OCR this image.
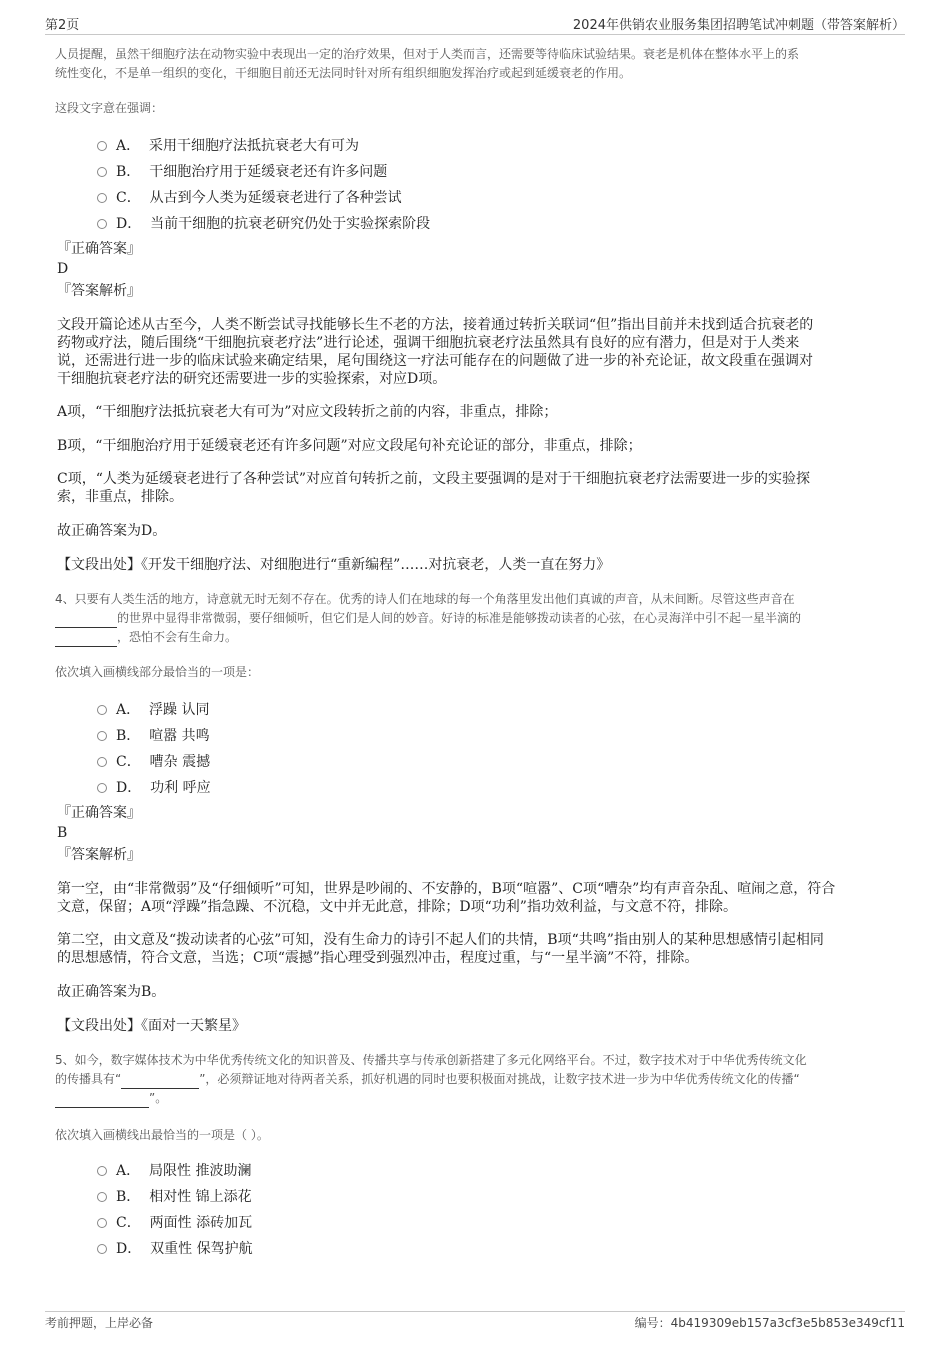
第2页	2024年供销农业服务集团招聘笔试冲刺题（带答案解析）
人员提醒，虽然干细胞疗法在动物实验中表现出一定的治疗效果，但对于人类而言，还需要等待临床试验结果。衰老是机体在整体水平上的系
统性变化，不是单一组织的变化，干细胞目前还无法同时针对所有组织细胞发挥治疗或起到延缓衰老的作用。
这段文字意在强调：
A． 采用干细胞疗法抵抗衰老大有可为
B． 干细胞治疗用于延缓衰老还有许多问题
C． 从古到今人类为延缓衰老进行了各种尝试
D． 当前干细胞的抗衰老研究仍处于实验探索阶段
『正确答案』
D
『答案解析』
文段开篇论述从古至今，人类不断尝试寻找能够长生不老的方法，接着通过转折关联词“但”指出目前并未找到适合抗衰老的
药物或疗法，随后围绕“干细胞抗衰老疗法”进行论述，强调干细胞抗衰老疗法虽然具有良好的应有潜力，但是对于人类来
说，还需进行进一步的临床试验来确定结果，尾句围绕这一疗法可能存在的问题做了进一步的补充论证，故文段重在强调对
干细胞抗衰老疗法的研究还需要进一步的实验探索，对应D项。
A项，“干细胞疗法抵抗衰老大有可为”对应文段转折之前的内容，非重点，排除；
B项，“干细胞治疗用于延缓衰老还有许多问题”对应文段尾句补充论证的部分，非重点，排除；
C项，“人类为延缓衰老进行了各种尝试”对应首句转折之前，文段主要强调的是对于干细胞抗衰老疗法需要进一步的实验探
索，非重点，排除。
故正确答案为D。
【文段出处】《开发干细胞疗法、对细胞进行“重新编程”……对抗衰老，人类一直在努力》
4、只要有人类生活的地方，诗意就无时无刻不存在。优秀的诗人们在地球的每一个角落里发出他们真诚的声音，从未间断。尽管这些声音在
的世界中显得非常微弱，要仔细倾听，但它们是人间的妙音。好诗的标准是能够拨动读者的心弦，在心灵海洋中引不起一星半滴的
，恐怕不会有生命力。
依次填入画横线部分最恰当的一项是：
A． 浮躁 认同
B． 喧嚣 共鸣
C． 嘈杂 震撼
D． 功利 呼应
『正确答案』
B
『答案解析』
第一空，由“非常微弱”及“仔细倾听”可知，世界是吵闹的、不安静的，B项“喧嚣”、C项“嘈杂”均有声音杂乱、喧闹之意，符合
文意，保留；A项“浮躁”指急躁、不沉稳，文中并无此意，排除；D项“功利”指功效利益，与文意不符，排除。
第二空，由文意及“拨动读者的心弦”可知，没有生命力的诗引不起人们的共情，B项“共鸣”指由别人的某种思想感情引起相同
的思想感情，符合文意，当选；C项“震撼”指心理受到强烈冲击，程度过重，与“一星半滴”不符，排除。
故正确答案为B。
【文段出处】《面对一天繁星》
5、如今，数字媒体技术为中华优秀传统文化的知识普及、传播共享与传承创新搭建了多元化网络平台。不过，数字技术对于中华优秀传统文化
的传播具有“	”，必须辩证地对待两者关系，抓好机遇的同时也要积极面对挑战，让数字技术进一步为中华优秀传统文化的传播“
”。
依次填入画横线出最恰当的一项是（ ）。
A． 局限性 推波助澜
B． 相对性 锦上添花
C． 两面性 添砖加瓦
D． 双重性 保驾护航
考前押题，上岸必备	编号：4b419309eb157a3cf3e5b853e349cf11
